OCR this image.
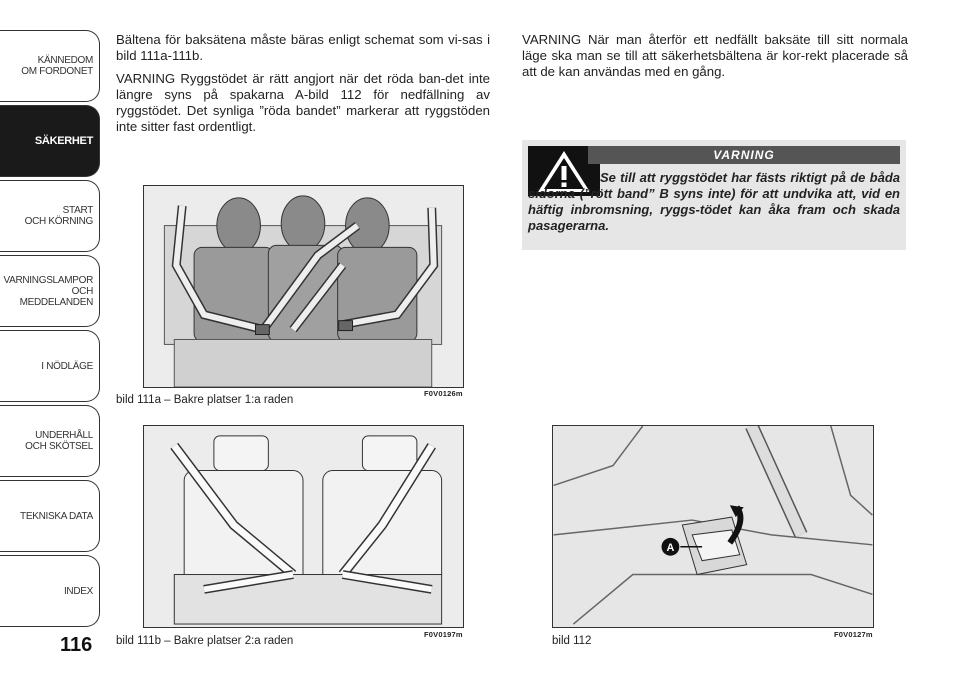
KÄNNEDOM
OM FORDONET
SÄKERHET
START
OCH KÖRNING
VARNINGSLAMPOR
OCH
MEDDELANDEN
I NÖDLÄGE
UNDERHÅLL
OCH SKÖTSEL
TEKNISKA DATA
INDEX
116

Bältena för baksätena måste bäras enligt schemat som vi-sas i bild 111a-111b.

VARNING Ryggstödet är rätt angjort när det röda ban-det inte längre syns på spakarna A-bild 112 för nedfällning av ryggstödet. Det synliga ”röda bandet” markerar att ryggstöden inte sitter fast ordentligt.

VARNING När man återför ett nedfällt baksäte till sitt normala läge ska man se till att säkerhetsbältena är kor-rekt placerade så att de kan användas med en gång.

VARNING
Se till att ryggstödet har fästs riktigt på de båda sidorna (”rött band” B syns inte) för att undvika att, vid en häftig inbromsning, ryggs-tödet kan åka fram och skada pasagerarna.
bild 111a – Bakre platser 1:a raden
F0V0126m
bild 111b – Bakre platser 2:a raden
F0V0197m
A
bild 112
F0V0127m
